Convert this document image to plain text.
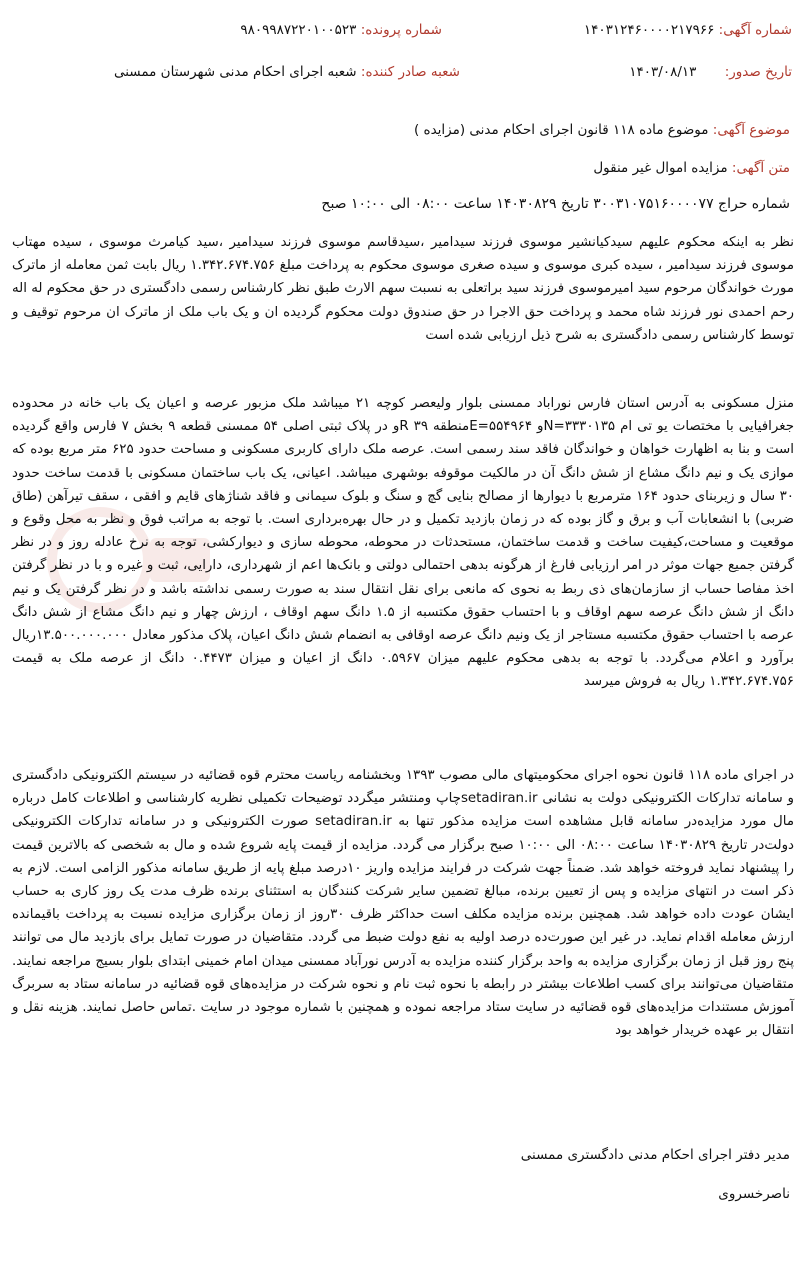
شماره آگهی: ۱۴۰۳۱۲۴۶۰۰۰۰۲۱۷۹۶۶
شماره پرونده: ۹۸۰۹۹۸۷۲۲۰۱۰۰۵۲۳
تاریخ صدور: ۱۴۰۳/۰۸/۱۳
شعبه صادر کننده: شعبه اجرای احکام مدنی شهرستان ممسنی
موضوع آگهی: موضوع ماده ۱۱۸ قانون اجرای احکام مدنی (مزایده )
متن آگهی: مزایده اموال غیر منقول
شماره حراج ۳۰۰۳۱۰۷۵۱۶۰۰۰۰۷۷ تاریخ ۱۴۰۳۰۸۲۹ ساعت ۰۸:۰۰ الی ۱۰:۰۰ صبح

نظر به اینکه محکوم علیهم سیدکیانشیر موسوی فرزند سیدامیر ،سیدقاسم موسوی فرزند سیدامیر ،سید کیامرث موسوی ، سیده مهتاب موسوی فرزند سیدامیر ، سیده کبری موسوی و سیده صغری موسوی محکوم به پرداخت مبلغ ۱.۳۴۲.۶۷۴.۷۵۶ ریال بابت ثمن معامله از ماترک مورث خواندگان مرحوم سید امیرموسوی فرزند سید براتعلی به نسبت سهم الارث طبق نظر کارشناس رسمی دادگستری در حق محکوم له اله رحم احمدی نور فرزند شاه محمد و پرداخت حق الاجرا در حق صندوق دولت محکوم گردیده ان و یک باب ملک از ماترک ان مرحوم توقیف و توسط کارشناس رسمی دادگستری به شرح ذیل ارزیابی شده است

منزل مسکونی به آدرس استان فارس نوراباد ممسنی بلوار ولیعصر کوچه ۲۱ میباشد ملک مزبور عرصه و اعیان یک باب خانه در محدوده جغرافیایی با مختصات یو تی ام N=۳۳۳۰۱۳۵و E=۵۵۴۹۶۴منطقه R ۳۹و در پلاک ثبتی اصلی ۵۴ ممسنی قطعه ۹ بخش ۷ فارس واقع گردیده است و بنا به اظهارت خواهان و خواندگان فاقد سند رسمی است. عرصه ملک دارای کاربری مسکونی و مساحت حدود ۶۲۵ متر مربع بوده که موازی یک و نیم دانگ مشاع از شش دانگ آن در مالکیت موقوفه بوشهری میباشد. اعیانی، یک باب ساختمان مسکونی با قدمت ساخت حدود ۳۰ سال و زیربنای حدود ۱۶۴ مترمربع با دیوارها از مصالح بنایی گچ و سنگ و بلوک سیمانی و فاقد شناژهای قایم و افقی ، سقف تیرآهن (طاق ضربی) با انشعابات آب و برق و گاز بوده که در زمان بازدید تکمیل و در حال بهره‌برداری است. با توجه به مراتب فوق و نظر به محل وقوع و موقعیت و مساحت،کیفیت ساخت و قدمت ساختمان، مستحدثات در محوطه، محوطه سازی و دیوارکشی، توجه به نرخ عادله روز و در نظر گرفتن جمیع جهات موثر در امر ارزیابی فارغ از هرگونه بدهی احتمالی دولتی و بانک‌ها اعم از شهرداری، دارایی، ثبت و غیره و با در نظر گرفتن اخذ مفاصا حساب از سازمان‌های ذی ربط به نحوی که مانعی برای نقل انتقال سند به صورت رسمی نداشته باشد و در نظر گرفتن یک و نیم دانگ از شش دانگ عرصه سهم اوقاف و با احتساب حقوق مکتسبه از ۱.۵ دانگ سهم اوقاف ، ارزش چهار و نیم دانگ مشاع از شش دانگ عرصه با احتساب حقوق مکتسبه مستاجر از یک ونیم دانگ عرصه اوقافی به انضمام شش دانگ اعیان، پلاک مذکور معادل ۱۳.۵۰۰.۰۰۰.۰۰۰ریال برآورد و اعلام می‌گردد. با توجه به بدهی محکوم علیهم میزان ۰.۵۹۶۷ دانگ از اعیان و میزان ۰.۴۴۷۳ دانگ از عرصه ملک به قیمت ۱.۳۴۲.۶۷۴.۷۵۶ ریال به فروش میرسد

در اجرای ماده ۱۱۸ قانون نحوه اجرای محکومیتهای مالی مصوب ۱۳۹۳ وبخشنامه ریاست محترم قوه قضائیه در سیستم الکترونیکی دادگستری و سامانه تدارکات الکترونیکی دولت به نشانی setadiran.irچاپ ومنتشر میگردد توضیحات تکمیلی نظریه کارشناسی و اطلاعات کامل درباره مال مورد مزایده‌در سامانه قابل مشاهده است مزایده مذکور تنها به setadiran.ir صورت الکترونیکی و در سامانه تدارکات الکترونیکی دولت‌در تاریخ ۱۴۰۳۰۸۲۹ ساعت ۰۸:۰۰ الی ۱۰:۰۰ صبح برگزار می گردد. مزایده از قیمت پایه شروع شده و مال به شخصی که بالاترین قیمت را پیشنهاد نماید فروخته خواهد شد. ضمناً جهت شرکت در فرایند مزایده واریز ۱۰درصد مبلغ پایه از طریق سامانه مذکور الزامی است. لازم به ذکر است در انتهای مزایده و پس از تعیین برنده، مبالغ تضمین سایر شرکت کنندگان به استثنای برنده ظرف مدت یک روز کاری به حساب ایشان عودت داده خواهد شد. همچنین برنده مزایده مکلف است حداکثر ظرف ۳۰روز از زمان برگزاری مزایده نسبت به پرداخت باقیمانده ارزش معامله اقدام نماید. در غیر این صورت‌ده درصد اولیه به نفع دولت ضبط می گردد. متقاضیان در صورت تمایل برای بازدید مال می توانند پنج روز قبل از زمان برگزاری مزایده به واحد برگزار کننده مزایده به آدرس نورآباد ممسنی میدان امام خمینی ابتدای بلوار بسیج مراجعه نمایند. متقاضیان می‌توانند برای کسب اطلاعات بیشتر در رابطه با نحوه ثبت نام و نحوه شرکت در مزایده‌های قوه قضائیه در سامانه ستاد به سربرگ آموزش مستندات مزایده‌های قوه قضائیه در سایت ستاد مراجعه نموده و همچنین با شماره موجود در سایت .تماس حاصل نمایند. هزینه نقل و انتقال بر عهده خریدار خواهد بود

مدیر دفتر اجرای احکام مدنی دادگستری ممسنی
ناصرخسروی
